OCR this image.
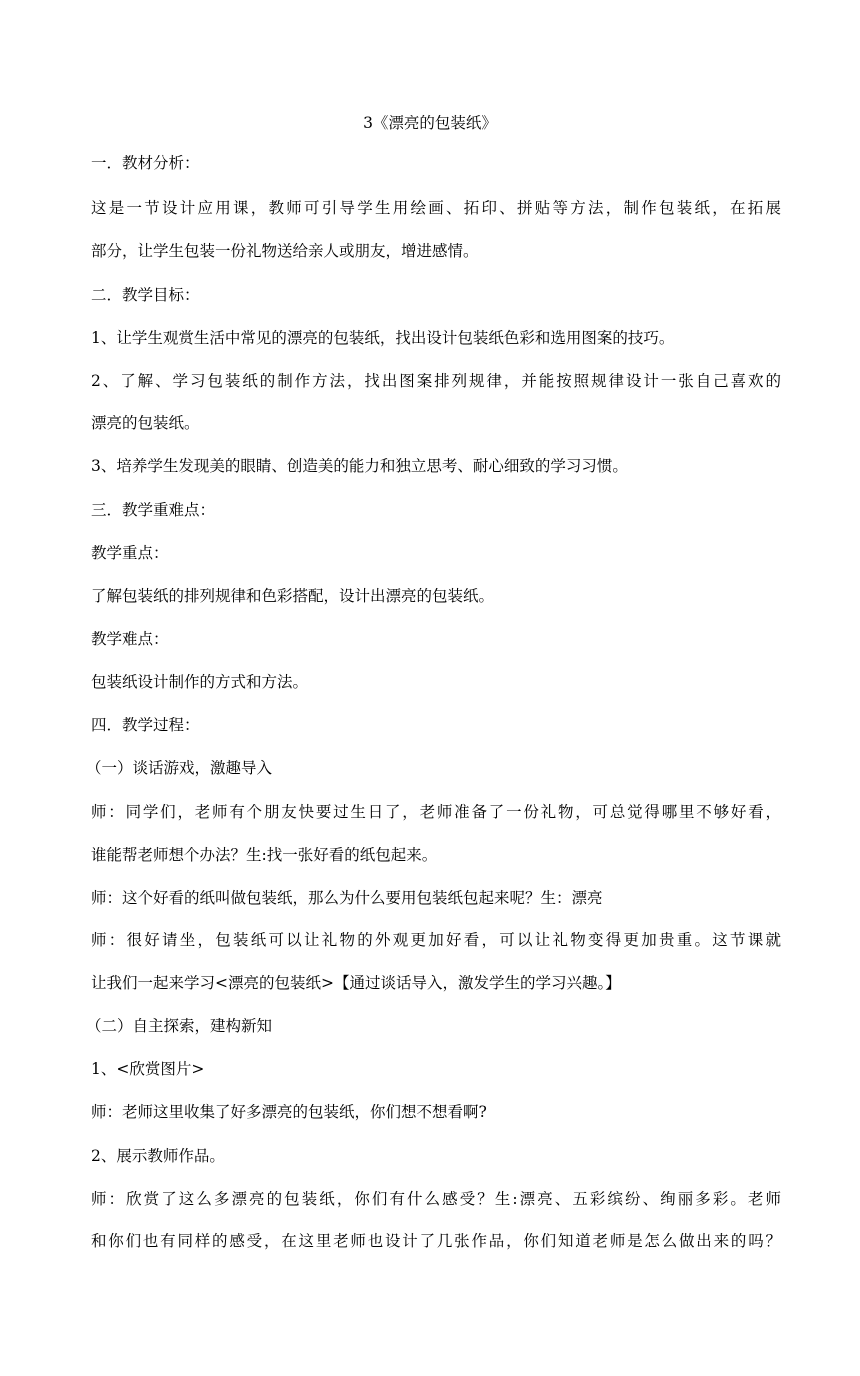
3《漂亮的包装纸》
一．教材分析：
这是一节设计应用课，教师可引导学生用绘画、拓印、拼贴等方法，制作包装纸，在拓展
部分，让学生包装一份礼物送给亲人或朋友，增进感情。
二．教学目标：
1、让学生观赏生活中常见的漂亮的包装纸，找出设计包装纸色彩和选用图案的技巧。
2、了解、学习包装纸的制作方法，找出图案排列规律，并能按照规律设计一张自己喜欢的
漂亮的包装纸。
3、培养学生发现美的眼睛、创造美的能力和独立思考、耐心细致的学习习惯。
三．教学重难点：
教学重点：
了解包装纸的排列规律和色彩搭配，设计出漂亮的包装纸。
教学难点：
包装纸设计制作的方式和方法。
四．教学过程：
（一）谈话游戏，激趣导入
师：同学们，老师有个朋友快要过生日了，老师准备了一份礼物，可总觉得哪里不够好看，
谁能帮老师想个办法？生:找一张好看的纸包起来。
师：这个好看的纸叫做包装纸，那么为什么要用包装纸包起来呢？生：漂亮
师：很好请坐，包装纸可以让礼物的外观更加好看，可以让礼物变得更加贵重。这节课就
让我们一起来学习<漂亮的包装纸>【通过谈话导入，激发学生的学习兴趣。】
（二）自主探索，建构新知
1、<欣赏图片>
师：老师这里收集了好多漂亮的包装纸，你们想不想看啊?
2、展示教师作品。
师：欣赏了这么多漂亮的包装纸，你们有什么感受？生:漂亮、五彩缤纷、绚丽多彩。老师
和你们也有同样的感受，在这里老师也设计了几张作品，你们知道老师是怎么做出来的吗？
